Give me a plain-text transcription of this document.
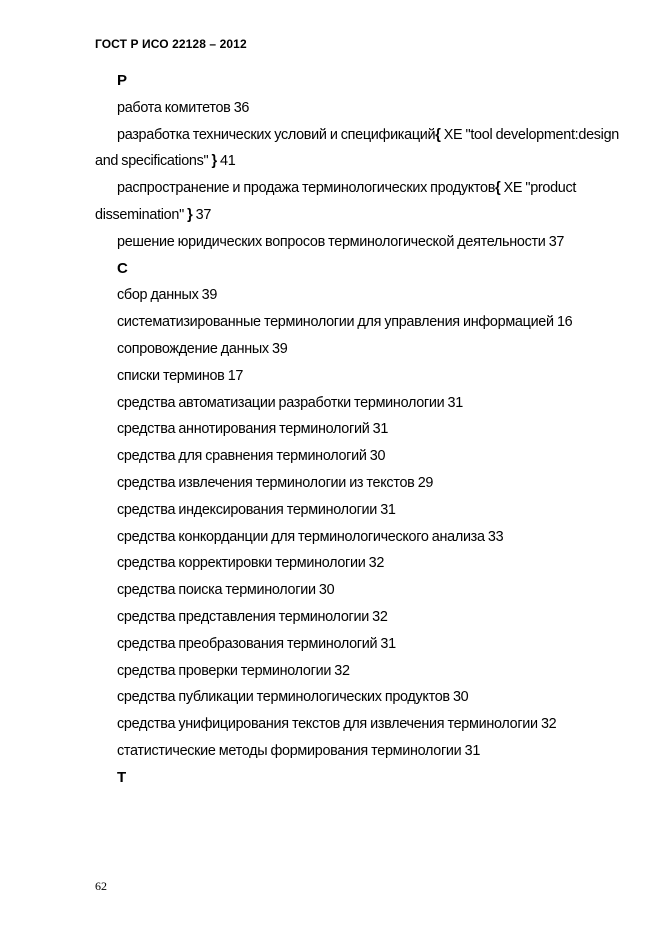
ГОСТ Р ИСО 22128 – 2012
Р
работа комитетов 36
разработка технических условий и спецификаций{ XE "tool development:design and specifications" } 41
распространение и продажа терминологических продуктов{ XE "product dissemination" } 37
решение юридических вопросов терминологической деятельности 37
С
сбор данных 39
систематизированные терминологии для управления информацией 16
сопровождение данных 39
списки терминов 17
средства автоматизации разработки терминологии 31
средства аннотирования терминологий 31
средства для сравнения терминологий 30
средства извлечения терминологии из текстов 29
средства индексирования терминологии 31
средства конкорданции для терминологического анализа 33
средства корректировки терминологии 32
средства поиска терминологии 30
средства представления терминологии 32
средства преобразования терминологий 31
средства проверки терминологии 32
средства публикации терминологических продуктов 30
средства унифицирования текстов для извлечения терминологии 32
статистические методы формирования терминологии 31
Т
62
